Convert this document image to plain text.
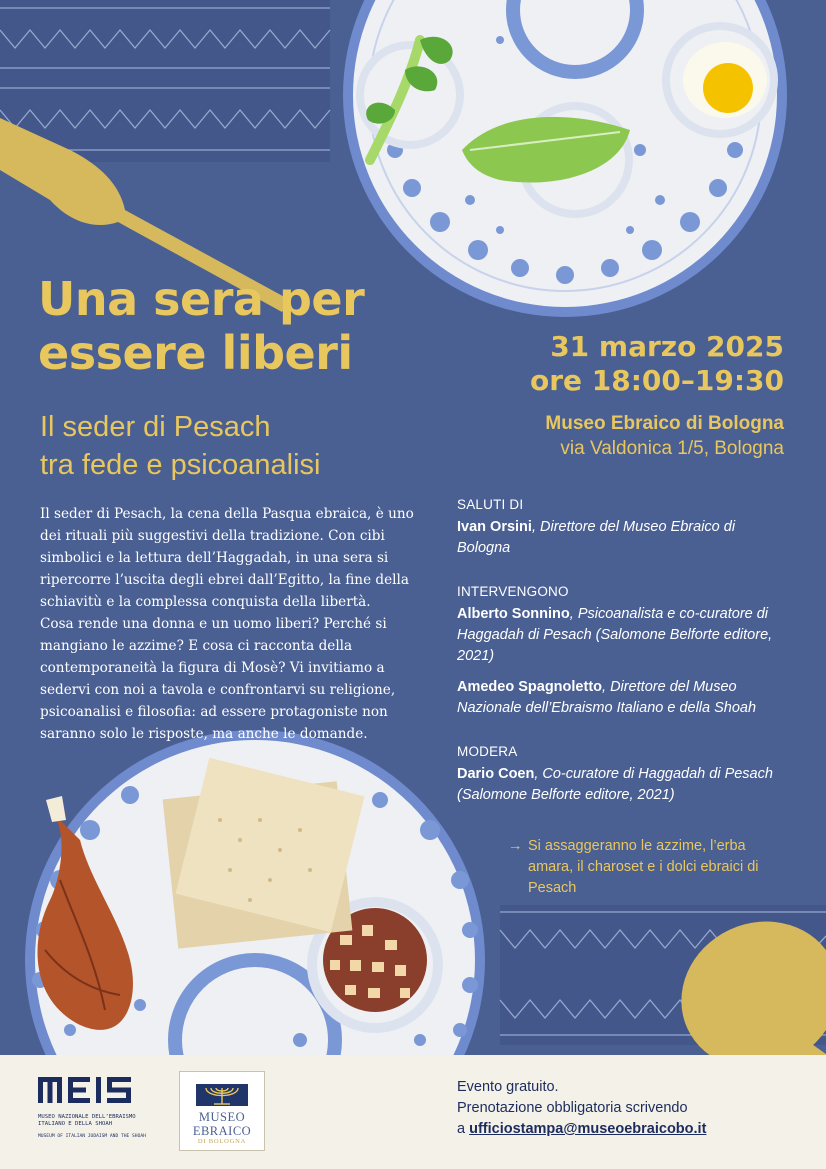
Una sera per
essere liberi
Il seder di Pesach
tra fede e psicoanalisi
31 marzo 2025
ore 18:00–19:30
Museo Ebraico di Bologna
via Valdonica 1/5, Bologna

Il seder di Pesach, la cena della Pasqua ebraica, è uno dei rituali più suggestivi della tradizione. Con cibi simbolici e la lettura dell’Haggadah, in una sera si ripercorre l’uscita degli ebrei dall’Egitto, la fine della schiavitù e la complessa conquista della libertà.

Cosa rende una donna e un uomo liberi? Perché si mangiano le azzime? E cosa ci racconta della contemporaneità la figura di Mosè? Vi invitiamo a sedervi con noi a tavola e confrontarvi su religione, psicoanalisi e filosofia: ad essere protagoniste non saranno solo le risposte, ma anche le domande.

SALUTI DI
Ivan Orsini, Direttore del Museo Ebraico di Bologna
INTERVENGONO
Alberto Sonnino, Psicoanalista e co-curatore di Haggadah di Pesach (Salomone Belforte editore, 2021)
Amedeo Spagnoletto, Direttore del Museo Nazionale dell’Ebraismo Italiano e della Shoah
MODERA
Dario Coen, Co-curatore di Haggadah di Pesach (Salomone Belforte editore, 2021)
→ Si assaggeranno le azzime, l’erba amara, il charoset e i dolci ebraici di Pesach
MUSEO NAZIONALE DELL’EBRAISMO
ITALIANO E DELLA SHOAH
MUSEUM OF ITALIAN JUDAISM AND THE SHOAH
MUSEO
EBRAICO
DI BOLOGNA
Evento gratuito.
Prenotazione obbligatoria scrivendo
a ufficiostampa@museoebraicobo.it
